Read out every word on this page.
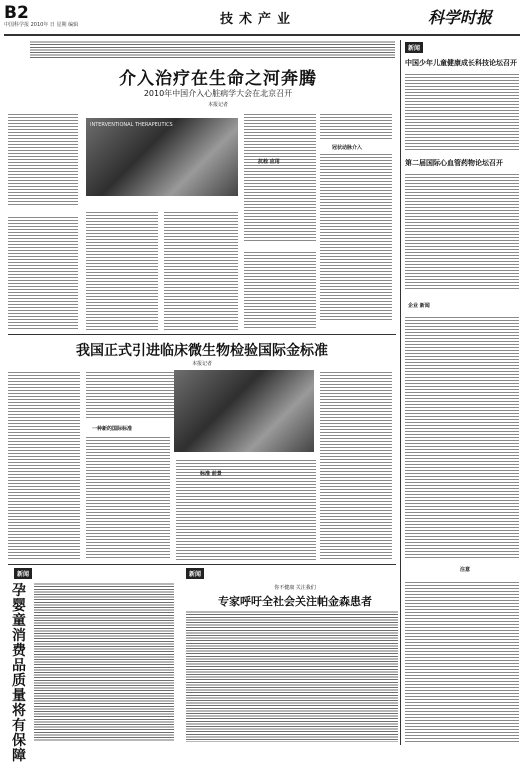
B2
中国科学报 2010年 日 星期 编辑	技术产业	科学时报
介入治疗在生命之河奔腾
2010年中国介入心脏病学大会在北京召开
本报记者
INTERVENTIONAL THERAPEUTICS
抗栓 应用
冠状动脉介入
我国正式引进临床微生物检验国际金标准
本报记者
一种新的国际标准
标准 前景
新闻
孕婴童消费品质量将有保障
新闻
你不健康 关注我们
专家呼吁全社会关注帕金森患者
新闻
中国少年儿童健康成长科技论坛召开
第二届国际心血管药物论坛召开
企业 新闻
注意
